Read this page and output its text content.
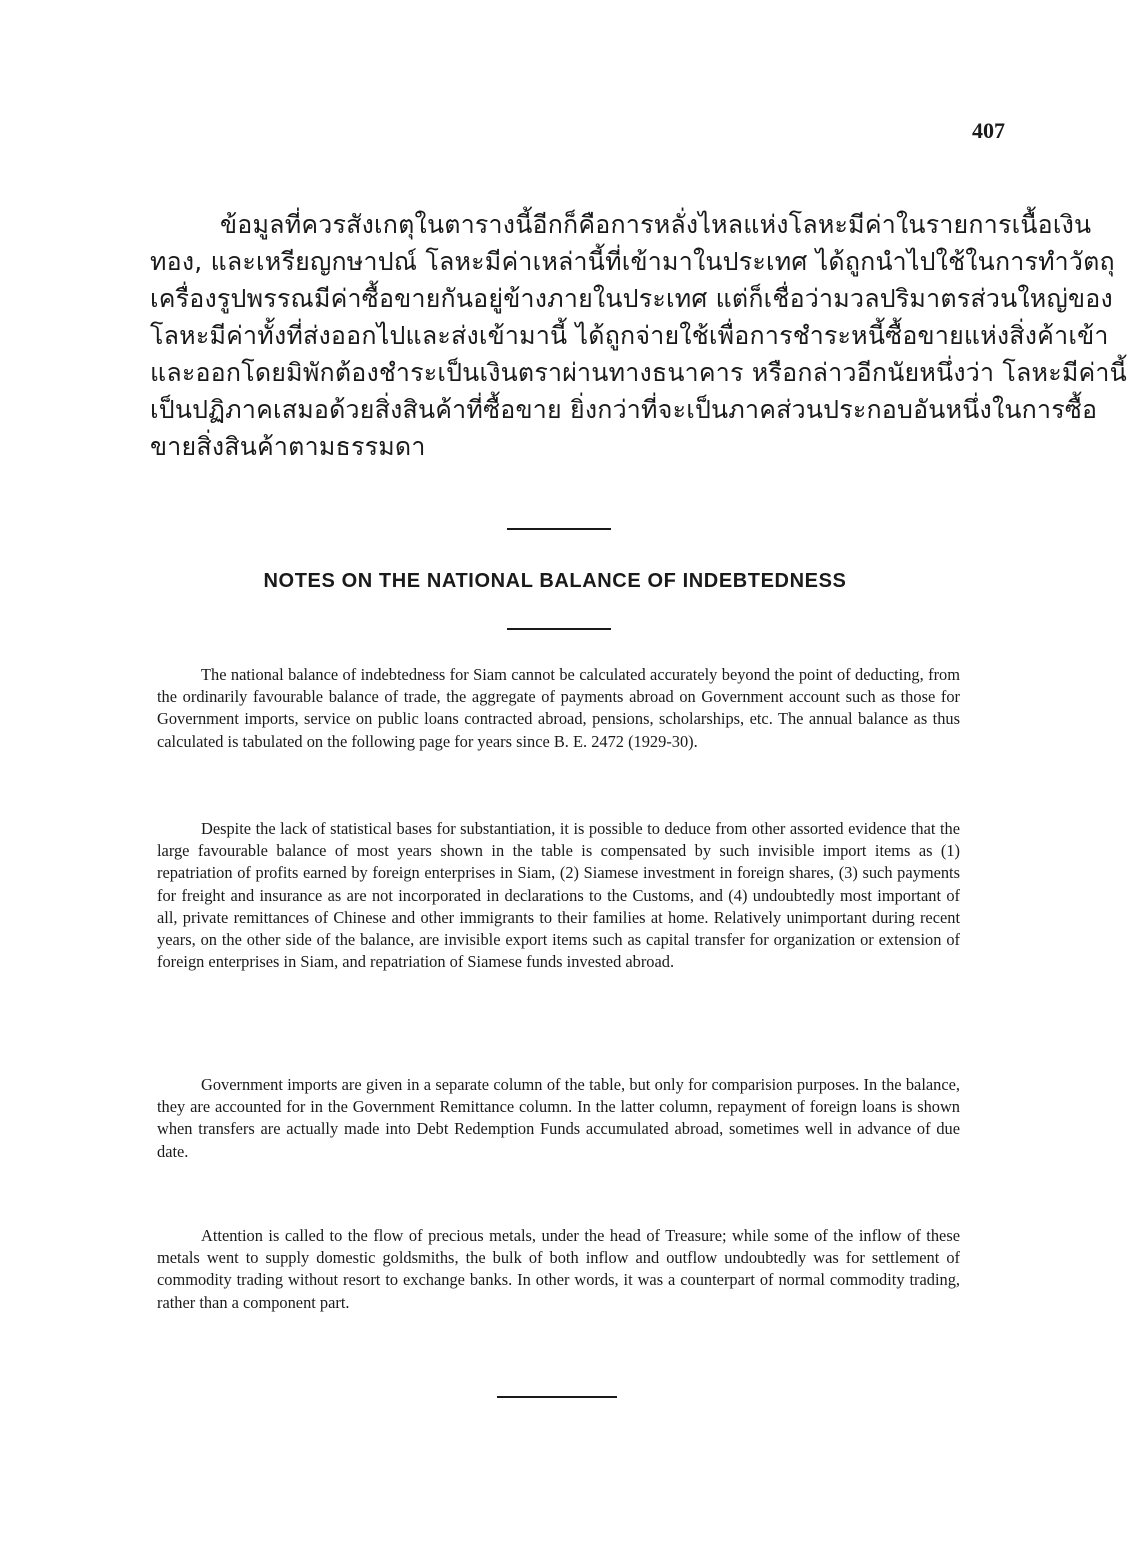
407
ข้อมูลที่ควรสังเกตุในตารางนี้อีกก็คือการหลั่งไหลแห่งโลหะมีค่าในรายการเนื้อเงิน
ทอง, และเหรียญกษาปณ์ โลหะมีค่าเหล่านี้ที่เข้ามาในประเทศ ได้ถูกนำไปใช้ในการทำวัตถุ
เครื่องรูปพรรณมีค่าซื้อขายกันอยู่ข้างภายในประเทศ แต่ก็เชื่อว่ามวลปริมาตรส่วนใหญ่ของ
โลหะมีค่าทั้งที่ส่งออกไปและส่งเข้ามานี้ ได้ถูกจ่ายใช้เพื่อการชำระหนี้ซื้อขายแห่งสิ่งค้าเข้า
และออกโดยมิพักต้องชำระเป็นเงินตราผ่านทางธนาคาร หรือกล่าวอีกนัยหนึ่งว่า โลหะมีค่านี้
เป็นปฏิภาคเสมอด้วยสิ่งสินค้าที่ซื้อขาย ยิ่งกว่าที่จะเป็นภาคส่วนประกอบอันหนึ่งในการซื้อ
ขายสิ่งสินค้าตามธรรมดา
NOTES ON THE NATIONAL BALANCE OF INDEBTEDNESS
The national balance of indebtedness for Siam cannot be calculated accurately beyond the point of deducting, from the ordinarily favourable balance of trade, the aggregate of payments abroad on Government account such as those for Government imports, service on public loans contracted abroad, pensions, scholarships, etc. The annual balance as thus calculated is tabulated on the following page for years since B. E. 2472 (1929-30).
Despite the lack of statistical bases for substantiation, it is possible to deduce from other assorted evidence that the large favourable balance of most years shown in the table is compensated by such invisible import items as (1) repatriation of profits earned by foreign enterprises in Siam, (2) Siamese investment in foreign shares, (3) such payments for freight and insurance as are not incorporated in declarations to the Customs, and (4) undoubtedly most important of all, private remittances of Chinese and other immigrants to their families at home. Relatively unimportant during recent years, on the other side of the balance, are invisible export items such as capital transfer for organization or extension of foreign enterprises in Siam, and repatriation of Siamese funds invested abroad.
Government imports are given in a separate column of the table, but only for comparision purposes. In the balance, they are accounted for in the Government Remittance column. In the latter column, repayment of foreign loans is shown when transfers are actually made into Debt Redemption Funds accumulated abroad, sometimes well in advance of due date.
Attention is called to the flow of precious metals, under the head of Treasure; while some of the inflow of these metals went to supply domestic goldsmiths, the bulk of both inflow and outflow undoubtedly was for settlement of commodity trading without resort to exchange banks. In other words, it was a counterpart of normal commodity trading, rather than a component part.
